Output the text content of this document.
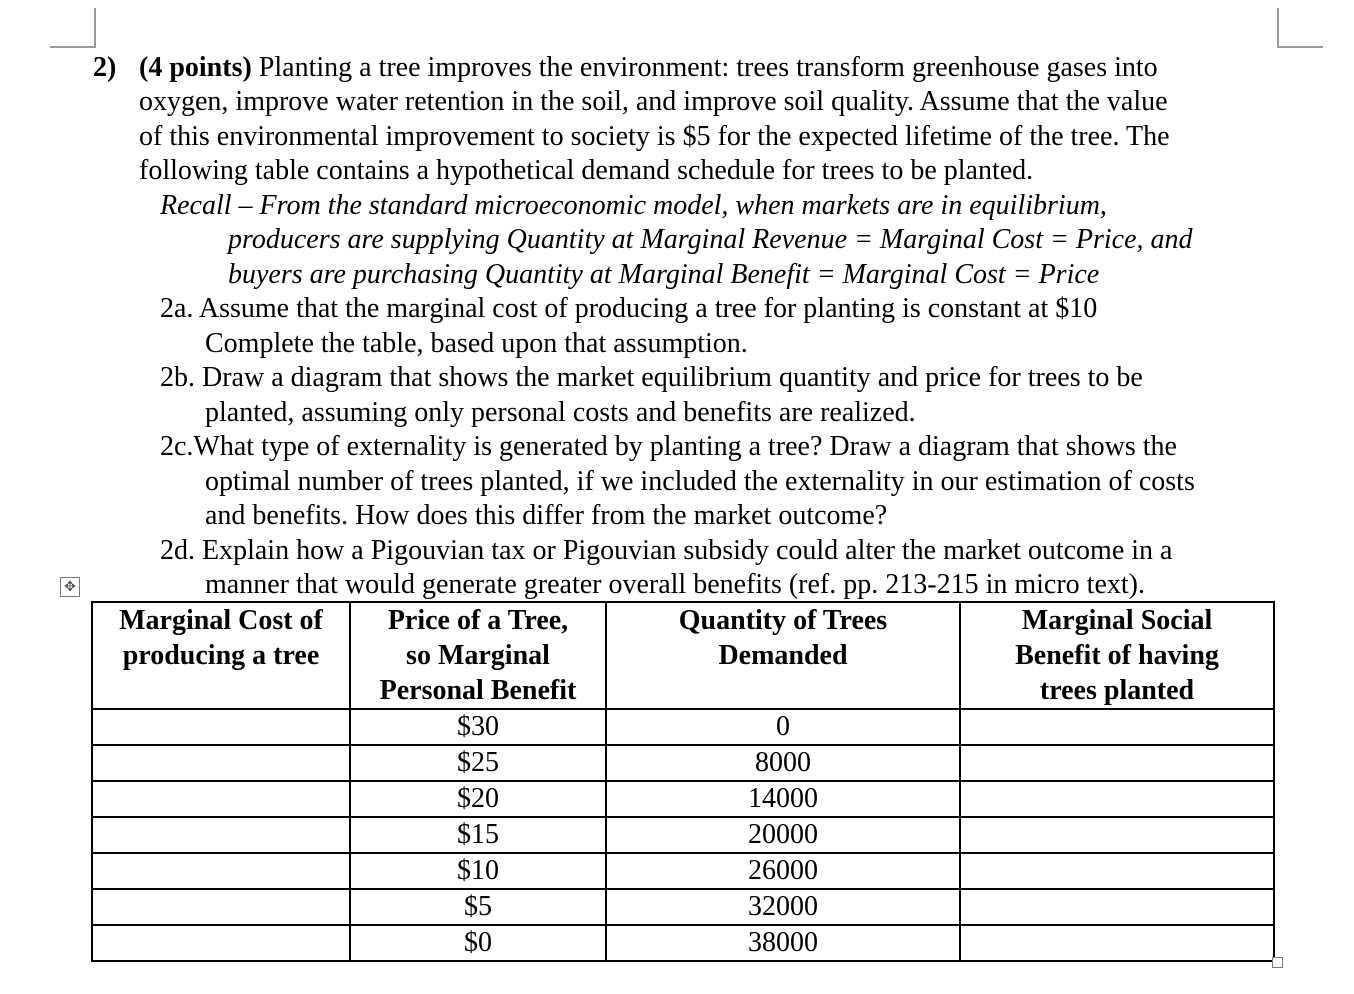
2) (4 points) Planting a tree improves the environment: trees transform greenhouse gases into
oxygen, improve water retention in the soil, and improve soil quality. Assume that the value
of this environmental improvement to society is $5 for the expected lifetime of the tree. The
following table contains a hypothetical demand schedule for trees to be planted.
Recall – From the standard microeconomic model, when markets are in equilibrium,
producers are supplying Quantity at Marginal Revenue = Marginal Cost = Price, and
buyers are purchasing Quantity at Marginal Benefit = Marginal Cost = Price
2a. Assume that the marginal cost of producing a tree for planting is constant at $10
Complete the table, based upon that assumption.
2b. Draw a diagram that shows the market equilibrium quantity and price for trees to be
planted, assuming only personal costs and benefits are realized.
2c.What type of externality is generated by planting a tree? Draw a diagram that shows the
optimal number of trees planted, if we included the externality in our estimation of costs
and benefits. How does this differ from the market outcome?
2d. Explain how a Pigouvian tax or Pigouvian subsidy could alter the market outcome in a
manner that would generate greater overall benefits (ref. pp. 213-215 in micro text).
✥
Marginal Cost of
producing a tree	Price of a Tree,
so Marginal
Personal Benefit	Quantity of Trees
Demanded	Marginal Social
Benefit of having
trees planted

	$30	0	
	$25	8000	
	$20	14000	
	$15	20000	
	$10	26000	
	$5	32000	
	$0	38000	
